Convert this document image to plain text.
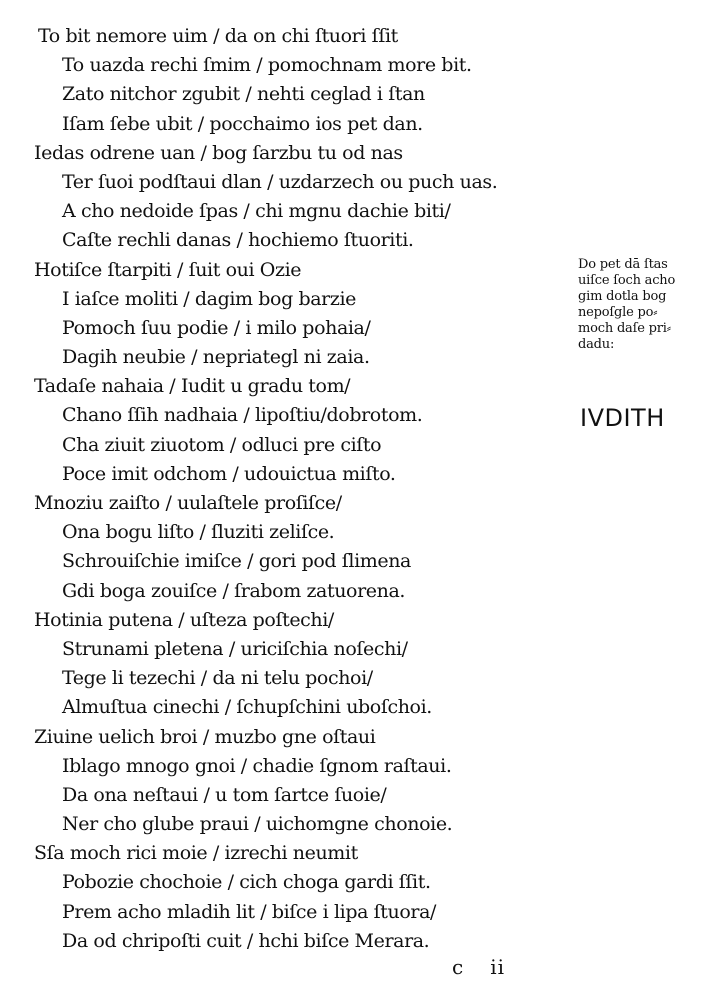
To bit nemore uim / da on chi ſtuori ſſit
To uazda rechi ſmim / pomochnam more bit.
Zato nitchor zgubit / nehti ceglad i ſtan
Iſam ſebe ubit / pocchaimo ios pet dan.
Iedas odrene uan / bog ſarzbu tu od nas
Ter ſuoi podſtaui dlan / uzdarzech ou puch uas.
A cho nedoide ſpas / chi mgnu dachie biti/
Caſte rechli danas / hochiemo ſtuoriti.
Hotiſce ſtarpiti / ſuit oui Ozie
I iaſce moliti / dagim bog barzie
Pomoch ſuu podie / i milo pohaia/
Dagih neubie / nepriategl ni zaia.
Tadaſe nahaia / Iudit u gradu tom/
Chano ſſih nadhaia / lipoſtiu/dobrotom.
Cha ziuit ziuotom / odluci pre ciſto
Poce imit odchom / udouictua miſto.
Mnoziu zaiſto / uulaſtele proſiſce/
Ona bogu liſto / ſluziti zeliſce.
Schrouiſchie imiſce / gori pod ſlimena
Gdi boga zouiſce / ſrabom zatuorena.
Hotinia putena / uſteza poſtechi/
Strunami pletena / uriciſchia noſechi/
Tege li tezechi / da ni telu pochoi/
Almuſtua cinechi / ſchupſchini uboſchoi.
Ziuine uelich broi / muzbo gne oſtaui
Iblago mnogo gnoi / chadie ſgnom raſtaui.
Da ona neſtaui / u tom ſartce ſuoie/
Ner cho glube praui / uichomgne chonoie.
Sſa moch rici moie / izrechi neumit
Pobozie chochoie / cich choga gardi ſſit.
Prem acho mladih lit / biſce i lipa ſtuora/
Da od chripoſti cuit / hchi biſce Merara.
Do pet dā ſtas
uiſce ſoch acho
gim dotla bog
nepoſgle po⸗
moch daſe pri⸗
dadu:
IVDITH
c ii
